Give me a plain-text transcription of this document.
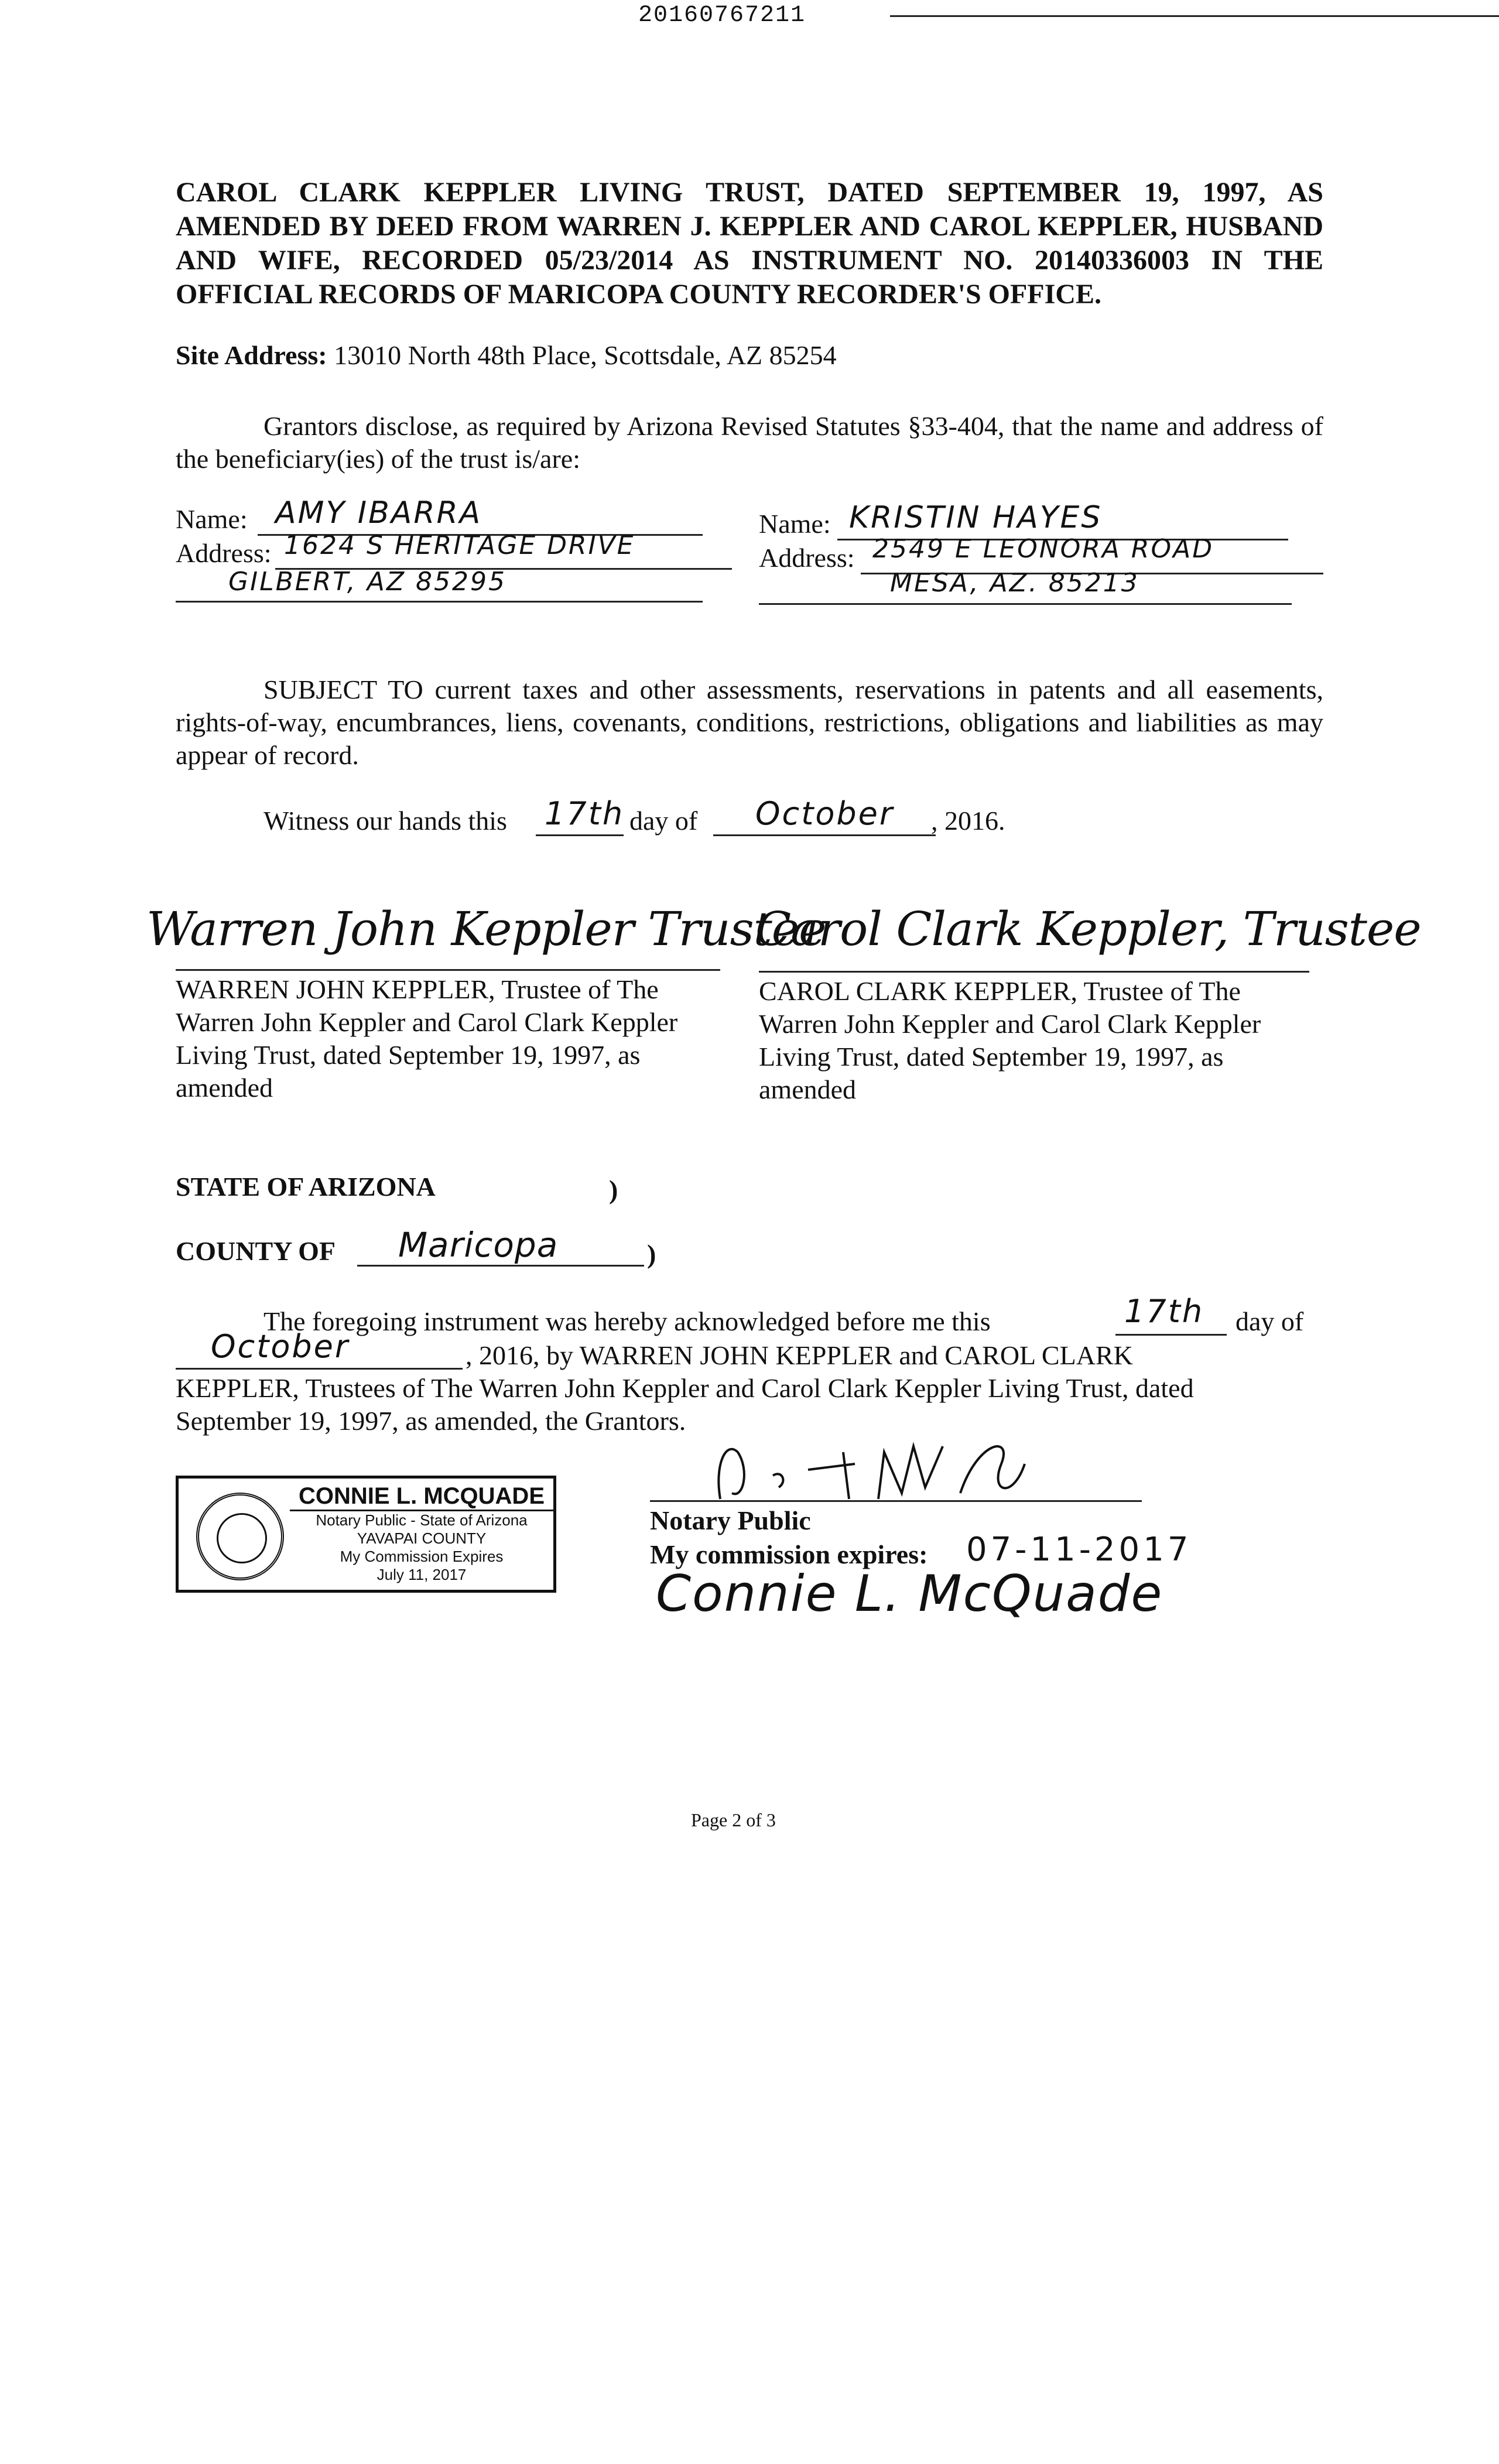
20160767211
CAROL CLARK KEPPLER LIVING TRUST, DATED SEPTEMBER 19, 1997, AS AMENDED BY DEED FROM WARREN J. KEPPLER AND CAROL KEPPLER, HUSBAND AND WIFE, RECORDED 05/23/2014 AS INSTRUMENT NO. 20140336003 IN THE OFFICIAL RECORDS OF MARICOPA COUNTY RECORDER'S OFFICE.
Site Address: 13010 North 48th Place, Scottsdale, AZ 85254
Grantors disclose, as required by Arizona Revised Statutes §33-404, that the name and address of the beneficiary(ies) of the trust is/are:
Name: AMY IBARRA
Address: 1624 S HERITAGE DRIVE
GILBERT, AZ 85295
Name: KRISTIN HAYES
Address: 2549 E LEONORA ROAD
MESA, AZ. 85213
SUBJECT TO current taxes and other assessments, reservations in patents and all easements, rights-of-way, encumbrances, liens, covenants, conditions, restrictions, obligations and liabilities as may appear of record.
Witness our hands this 17th day of October , 2016.
Warren John Keppler Trustee
WARREN JOHN KEPPLER, Trustee of The
Warren John Keppler and Carol Clark Keppler
Living Trust, dated September 19, 1997, as
amended
Carol Clark Keppler, Trustee
CAROL CLARK KEPPLER, Trustee of The
Warren John Keppler and Carol Clark Keppler
Living Trust, dated September 19, 1997, as
amended
STATE OF ARIZONA	)
COUNTY OF Maricopa	)
The foregoing instrument was hereby acknowledged before me this	17th day of
October	, 2016, by WARREN JOHN KEPPLER and CAROL CLARK
KEPPLER, Trustees of The Warren John Keppler and Carol Clark Keppler Living Trust, dated
September 19, 1997, as amended, the Grantors.
CONNIE L. MCQUADE
Notary Public - State of Arizona
YAVAPAI COUNTY
My Commission Expires
July 11, 2017
Notary Public
My commission expires: 07-11-2017
Connie L. McQuade
Page 2 of 3
